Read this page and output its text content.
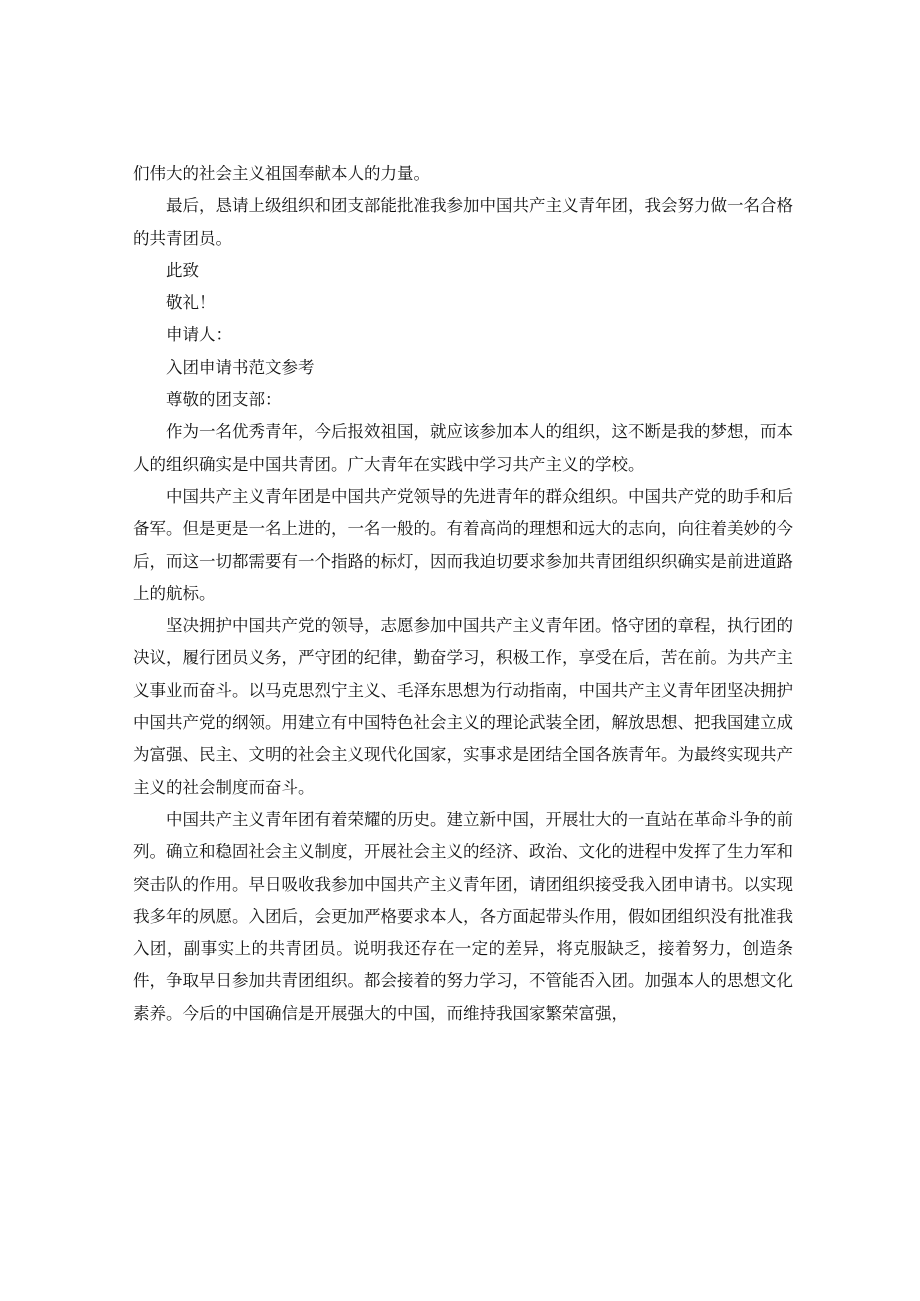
们伟大的社会主义祖国奉献本人的力量。

最后，恳请上级组织和团支部能批准我参加中国共产主义青年团，我会努力做一名合格的共青团员。

此致

敬礼！

申请人：

入团申请书范文参考

尊敬的团支部：

作为一名优秀青年，今后报效祖国，就应该参加本人的组织，这不断是我的梦想，而本人的组织确实是中国共青团。广大青年在实践中学习共产主义的学校。

中国共产主义青年团是中国共产党领导的先进青年的群众组织。中国共产党的助手和后备军。但是更是一名上进的，一名一般的。有着高尚的理想和远大的志向，向往着美妙的今后，而这一切都需要有一个指路的标灯，因而我迫切要求参加共青团组织织确实是前进道路上的航标。

坚决拥护中国共产党的领导，志愿参加中国共产主义青年团。恪守团的章程，执行团的决议，履行团员义务，严守团的纪律，勤奋学习，积极工作，享受在后，苦在前。为共产主义事业而奋斗。以马克思烈宁主义、毛泽东思想为行动指南，中国共产主义青年团坚决拥护中国共产党的纲领。用建立有中国特色社会主义的理论武装全团，解放思想、把我国建立成为富强、民主、文明的社会主义现代化国家，实事求是团结全国各族青年。为最终实现共产主义的社会制度而奋斗。

中国共产主义青年团有着荣耀的历史。建立新中国，开展壮大的一直站在革命斗争的前列。确立和稳固社会主义制度，开展社会主义的经济、政治、文化的进程中发挥了生力军和突击队的作用。早日吸收我参加中国共产主义青年团，请团组织接受我入团申请书。以实现我多年的夙愿。入团后，会更加严格要求本人，各方面起带头作用，假如团组织没有批准我入团，副事实上的共青团员。说明我还存在一定的差异，将克服缺乏，接着努力，创造条件，争取早日参加共青团组织。都会接着的努力学习，不管能否入团。加强本人的思想文化素养。今后的中国确信是开展强大的中国，而维持我国家繁荣富强，
